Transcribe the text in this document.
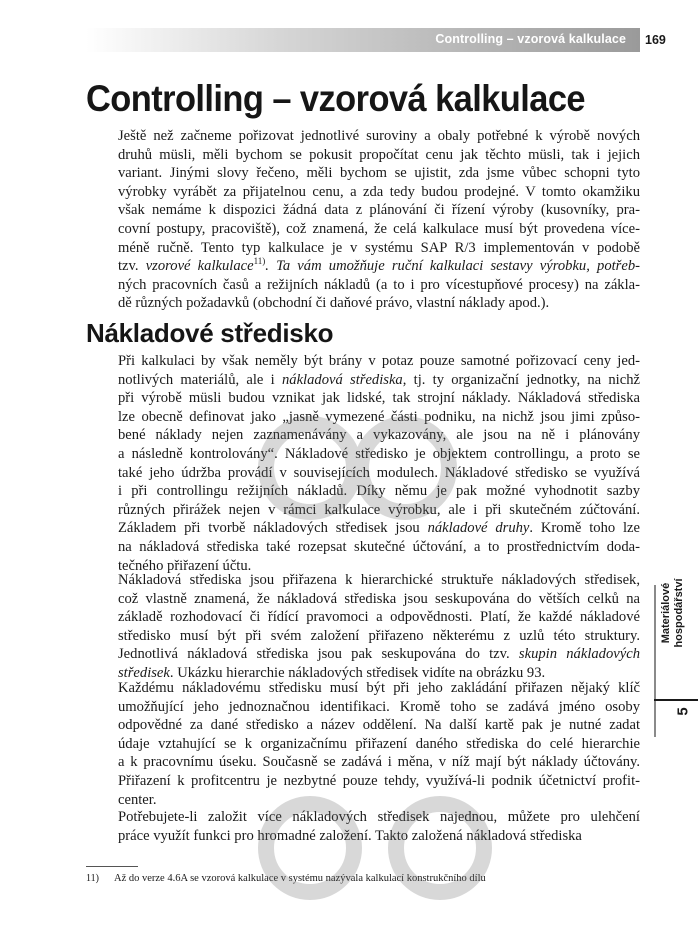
Controlling – vzorová kalkulace 169
Controlling – vzorová kalkulace
Ještě než začneme pořizovat jednotlivé suroviny a obaly potřebné k výrobě nových
druhů müsli, měli bychom se pokusit propočítat cenu jak těchto müsli, tak i jejich
variant. Jinými slovy řečeno, měli bychom se ujistit, zda jsme vůbec schopni tyto
výrobky vyrábět za přijatelnou cenu, a zda tedy budou prodejné. V tomto okamžiku
však nemáme k dispozici žádná data z plánování či řízení výroby (kusovníky, pra-
covní postupy, pracoviště), což znamená, že celá kalkulace musí být provedena více-
méně ručně. Tento typ kalkulace je v systému SAP R/3 implementován v podobě
tzv. vzorové kalkulace$^{11)}$. Ta vám umožňuje ruční kalkulaci sestavy výrobku, potřeb-
ných pracovních časů a režijních nákladů (a to i pro vícestupňové procesy) na zákla-
dě různých požadavků (obchodní či daňové právo, vlastní náklady apod.).
Nákladové středisko
Při kalkulaci by však neměly být brány v potaz pouze samotné pořizovací ceny jed-
notlivých materiálů, ale i nákladová střediska, tj. ty organizační jednotky, na nichž
při výrobě müsli budou vznikat jak lidské, tak strojní náklady. Nákladová střediska
lze obecně definovat jako „jasně vymezené části podniku, na nichž jsou jimi způso-
bené náklady nejen zaznamenávány a vykazovány, ale jsou na ně i plánovány
a následně kontrolovány“. Nákladové středisko je objektem controllingu, a proto se
také jeho údržba provádí v souvisejících modulech. Nákladové středisko se využívá
i při controllingu režijních nákladů. Díky němu je pak možné vyhodnotit sazby
různých přirážek nejen v rámci kalkulace výrobku, ale i při skutečném zúčtování.
Základem při tvorbě nákladových středisek jsou nákladové druhy. Kromě toho lze
na nákladová střediska také rozepsat skutečné účtování, a to prostřednictvím doda-
tečného přiřazení účtu.
Nákladová střediska jsou přiřazena k hierarchické struktuře nákladových středisek,
což vlastně znamená, že nákladová střediska jsou seskupována do větších celků na
základě rozhodovací či řídící pravomoci a odpovědnosti. Platí, že každé nákladové
středisko musí být při svém založení přiřazeno některému z uzlů této struktury.
Jednotlivá nákladová střediska jsou pak seskupována do tzv. skupin nákladových
středisek. Ukázku hierarchie nákladových středisek vidíte na obrázku 93.
Každému nákladovému středisku musí být při jeho zakládání přiřazen nějaký klíč
umožňující jeho jednoznačnou identifikaci. Kromě toho se zadává jméno osoby
odpovědné za dané středisko a název oddělení. Na další kartě pak je nutné zadat
údaje vztahující se k organizačnímu přiřazení daného střediska do celé hierarchie
a k pracovnímu úseku. Současně se zadává i měna, v níž mají být náklady účtovány.
Přiřazení k profitcentru je nezbytné pouze tehdy, využívá-li podnik účetnictví profit-
center.
Potřebujete-li založit více nákladových středisek najednou, můžete pro ulehčení
práce využít funkci pro hromadné založení. Takto založená nákladová střediska
Materiálové
hospodářství
5
11) Až do verze 4.6A se vzorová kalkulace v systému nazývala kalkulací konstrukčního dílu
